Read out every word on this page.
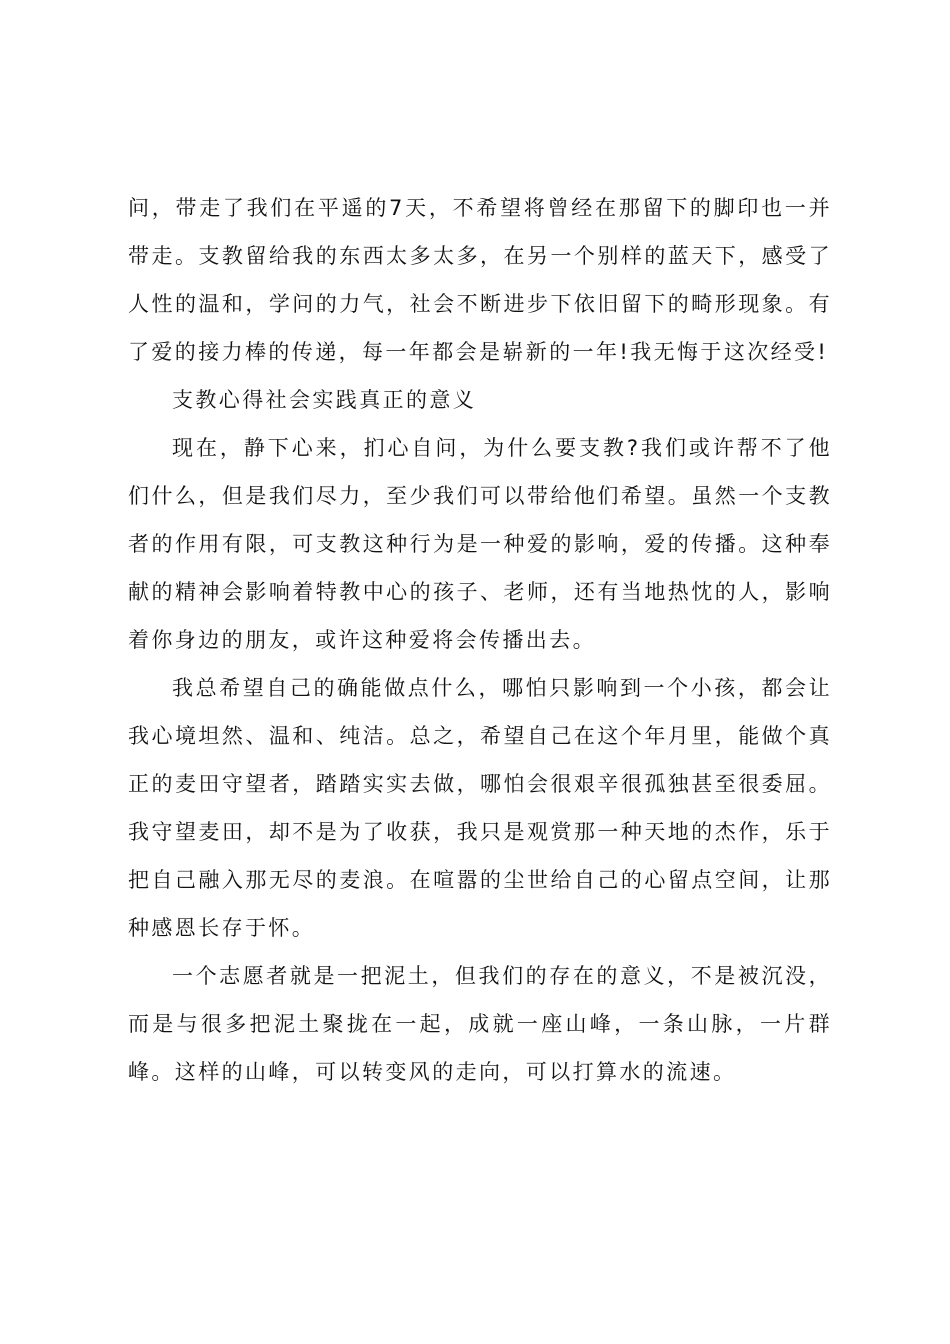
问，带走了我们在平遥的7天，不希望将曾经在那留下的脚印也一并带走。支教留给我的东西太多太多，在另一个别样的蓝天下，感受了人性的温和，学问的力气，社会不断进步下依旧留下的畸形现象。有了爱的接力棒的传递，每一年都会是崭新的一年!我无悔于这次经受!

支教心得社会实践真正的意义

现在，静下心来，扪心自问，为什么要支教?我们或许帮不了他们什么，但是我们尽力，至少我们可以带给他们希望。虽然一个支教者的作用有限，可支教这种行为是一种爱的影响，爱的传播。这种奉献的精神会影响着特教中心的孩子、老师，还有当地热忱的人，影响着你身边的朋友，或许这种爱将会传播出去。

我总希望自己的确能做点什么，哪怕只影响到一个小孩，都会让我心境坦然、温和、纯洁。总之，希望自己在这个年月里，能做个真正的麦田守望者，踏踏实实去做，哪怕会很艰辛很孤独甚至很委屈。我守望麦田，却不是为了收获，我只是观赏那一种天地的杰作，乐于把自己融入那无尽的麦浪。在喧嚣的尘世给自己的心留点空间，让那种感恩长存于怀。

一个志愿者就是一把泥土，但我们的存在的意义，不是被沉没，而是与很多把泥土聚拢在一起，成就一座山峰，一条山脉，一片群峰。这样的山峰，可以转变风的走向，可以打算水的流速。
